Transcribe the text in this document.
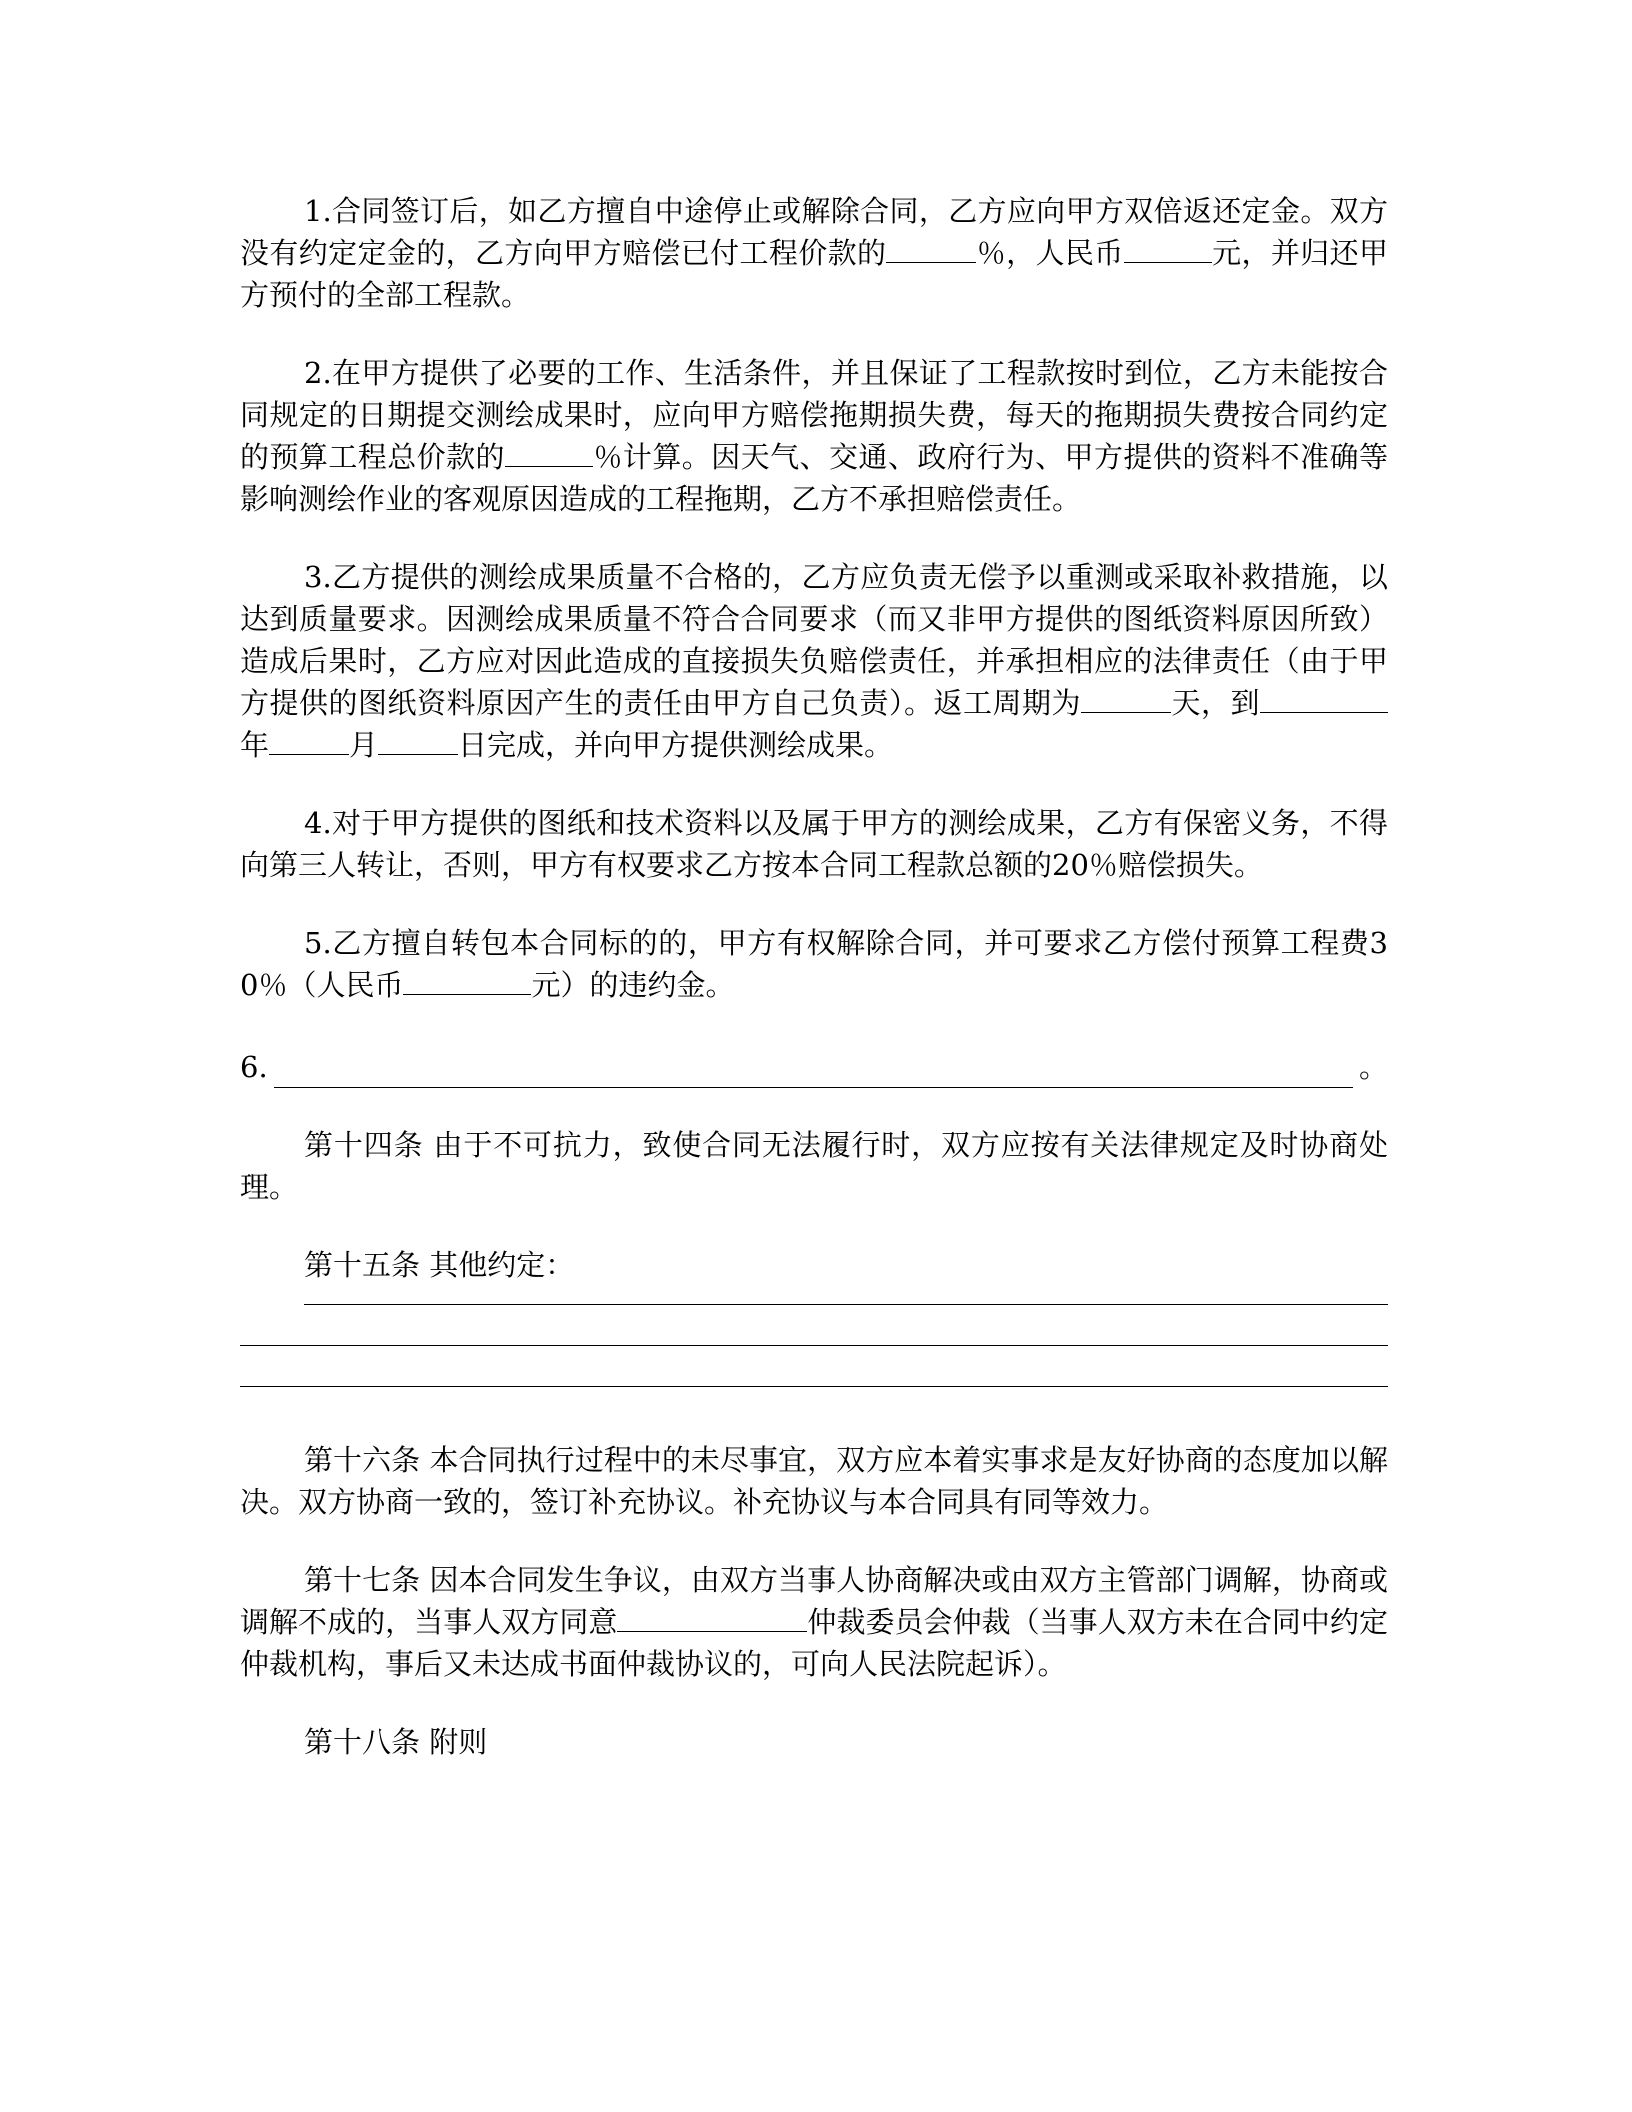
1.合同签订后，如乙方擅自中途停止或解除合同，乙方应向甲方双倍返还定金。双方没有约定定金的，乙方向甲方赔偿已付工程价款的	％，人民币	元，并归还甲方预付的全部工程款。

2.在甲方提供了必要的工作、生活条件，并且保证了工程款按时到位，乙方未能按合同规定的日期提交测绘成果时，应向甲方赔偿拖期损失费，每天的拖期损失费按合同约定的预算工程总价款的	％计算。因天气、交通、政府行为、甲方提供的资料不准确等影响测绘作业的客观原因造成的工程拖期，乙方不承担赔偿责任。

3.乙方提供的测绘成果质量不合格的，乙方应负责无偿予以重测或采取补救措施，以达到质量要求。因测绘成果质量不符合合同要求（而又非甲方提供的图纸资料原因所致）造成后果时，乙方应对因此造成的直接损失负赔偿责任，并承担相应的法律责任（由于甲方提供的图纸资料原因产生的责任由甲方自己负责）。返工周期为	天，到年	月	日完成，并向甲方提供测绘成果。

4.对于甲方提供的图纸和技术资料以及属于甲方的测绘成果，乙方有保密义务，不得向第三人转让，否则，甲方有权要求乙方按本合同工程款总额的20％赔偿损失。

5.乙方擅自转包本合同标的的，甲方有权解除合同，并可要求乙方偿付预算工程费30％（人民币	元）的违约金。

6.	。

第十四条 由于不可抗力，致使合同无法履行时，双方应按有关法律规定及时协商处理。

第十五条 其他约定：

第十六条 本合同执行过程中的未尽事宜，双方应本着实事求是友好协商的态度加以解决。双方协商一致的，签订补充协议。补充协议与本合同具有同等效力。

第十七条 因本合同发生争议，由双方当事人协商解决或由双方主管部门调解，协商或调解不成的，当事人双方同意	仲裁委员会仲裁（当事人双方未在合同中约定仲裁机构，事后又未达成书面仲裁协议的，可向人民法院起诉）。

第十八条 附则
